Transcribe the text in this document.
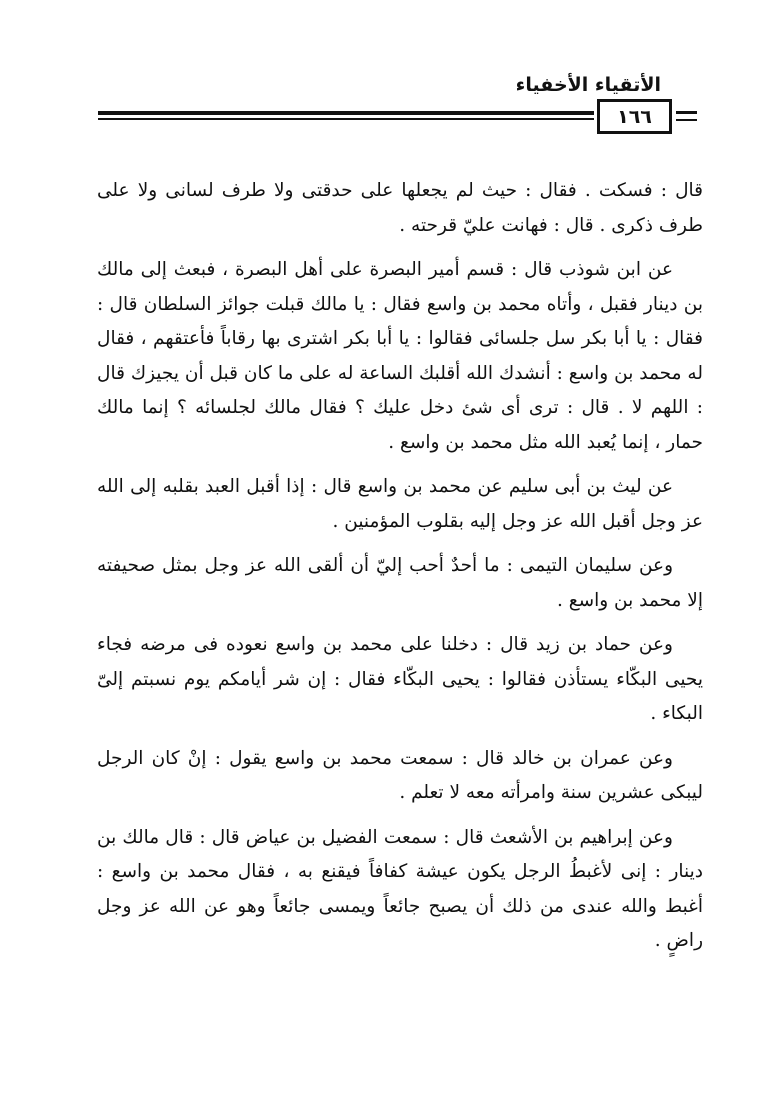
الأتقياء الأخفياء
١٦٦

قال : فسكت . فقال : حيث لم يجعلها على حدقتى ولا طرف لسانى ولا على طرف ذكرى . قال : فهانت عليّ قرحته .

عن ابن شوذب قال : قسم أمير البصرة على أهل البصرة ، فبعث إلى مالك بن دينار فقبل ، وأتاه محمد بن واسع فقال : يا مالك قبلت جوائز السلطان قال : فقال : يا أبا بكر سل جلسائى فقالوا : يا أبا بكر اشترى بها رقاباً فأعتقهم ، فقال له محمد بن واسع : أنشدك الله أقلبك الساعة له على ما كان قبل أن يجيزك قال : اللهم لا . قال : ترى أى شئ دخل عليك ؟ فقال مالك لجلسائه ؟ إنما مالك حمار ، إنما يُعبد الله مثل محمد بن واسع .

عن ليث بن أبى سليم عن محمد بن واسع قال : إذا أقبل العبد بقلبه إلى الله عز وجل أقبل الله عز وجل إليه بقلوب المؤمنين .

وعن سليمان التيمى : ما أحدٌ أحب إليّ أن ألقى الله عز وجل بمثل صحيفته إلا محمد بن واسع .

وعن حماد بن زيد قال : دخلنا على محمد بن واسع نعوده فى مرضه فجاء يحيى البكّاء يستأذن فقالوا : يحيى البكّاء فقال : إن شر أيامكم يوم نسبتم إلىّ البكاء .

وعن عمران بن خالد قال : سمعت محمد بن واسع يقول : إنْ كان الرجل ليبكى عشرين سنة وامرأته معه لا تعلم .

وعن إبراهيم بن الأشعث قال : سمعت الفضيل بن عياض قال : قال مالك بن دينار : إنى لأغبطُ الرجل يكون عيشة كفافاً فيقنع به ، فقال محمد بن واسع : أغبط والله عندى من ذلك أن يصبح جائعاً ويمسى جائعاً وهو عن الله عز وجل راضٍ .
